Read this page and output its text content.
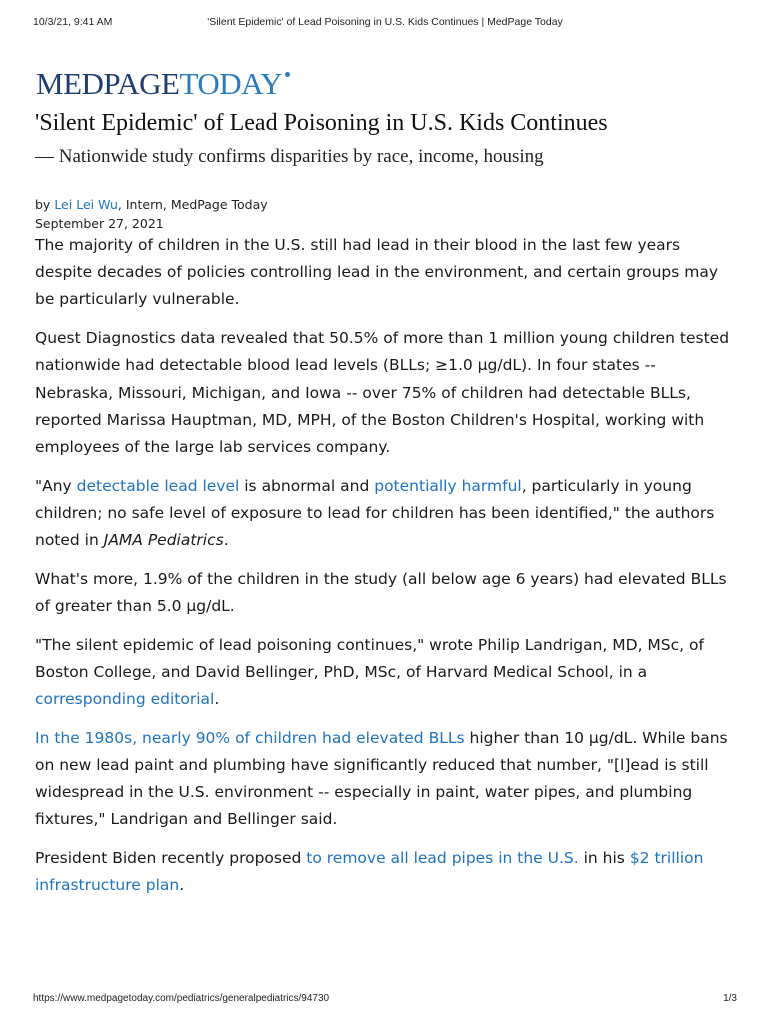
10/3/21, 9:41 AM	'Silent Epidemic' of Lead Poisoning in U.S. Kids Continues | MedPage Today
MEDPAGETODAY
'Silent Epidemic' of Lead Poisoning in U.S. Kids Continues

— Nationwide study confirms disparities by race, income, housing

by Lei Lei Wu, Intern, MedPage Today
September 27, 2021

The majority of children in the U.S. still had lead in their blood in the last few years despite decades of policies controlling lead in the environment, and certain groups may be particularly vulnerable.

Quest Diagnostics data revealed that 50.5% of more than 1 million young children tested nationwide had detectable blood lead levels (BLLs; ≥1.0 µg/dL). In four states -- Nebraska, Missouri, Michigan, and Iowa -- over 75% of children had detectable BLLs, reported Marissa Hauptman, MD, MPH, of the Boston Children's Hospital, working with employees of the large lab services company.

"Any detectable lead level is abnormal and potentially harmful, particularly in young children; no safe level of exposure to lead for children has been identified," the authors noted in JAMA Pediatrics.

What's more, 1.9% of the children in the study (all below age 6 years) had elevated BLLs of greater than 5.0 µg/dL.

"The silent epidemic of lead poisoning continues," wrote Philip Landrigan, MD, MSc, of Boston College, and David Bellinger, PhD, MSc, of Harvard Medical School, in a corresponding editorial.

In the 1980s, nearly 90% of children had elevated BLLs higher than 10 µg/dL. While bans on new lead paint and plumbing have significantly reduced that number, "[l]ead is still widespread in the U.S. environment -- especially in paint, water pipes, and plumbing fixtures," Landrigan and Bellinger said.

President Biden recently proposed to remove all lead pipes in the U.S. in his $2 trillion infrastructure plan.

https://www.medpagetoday.com/pediatrics/generalpediatrics/94730	1/3
